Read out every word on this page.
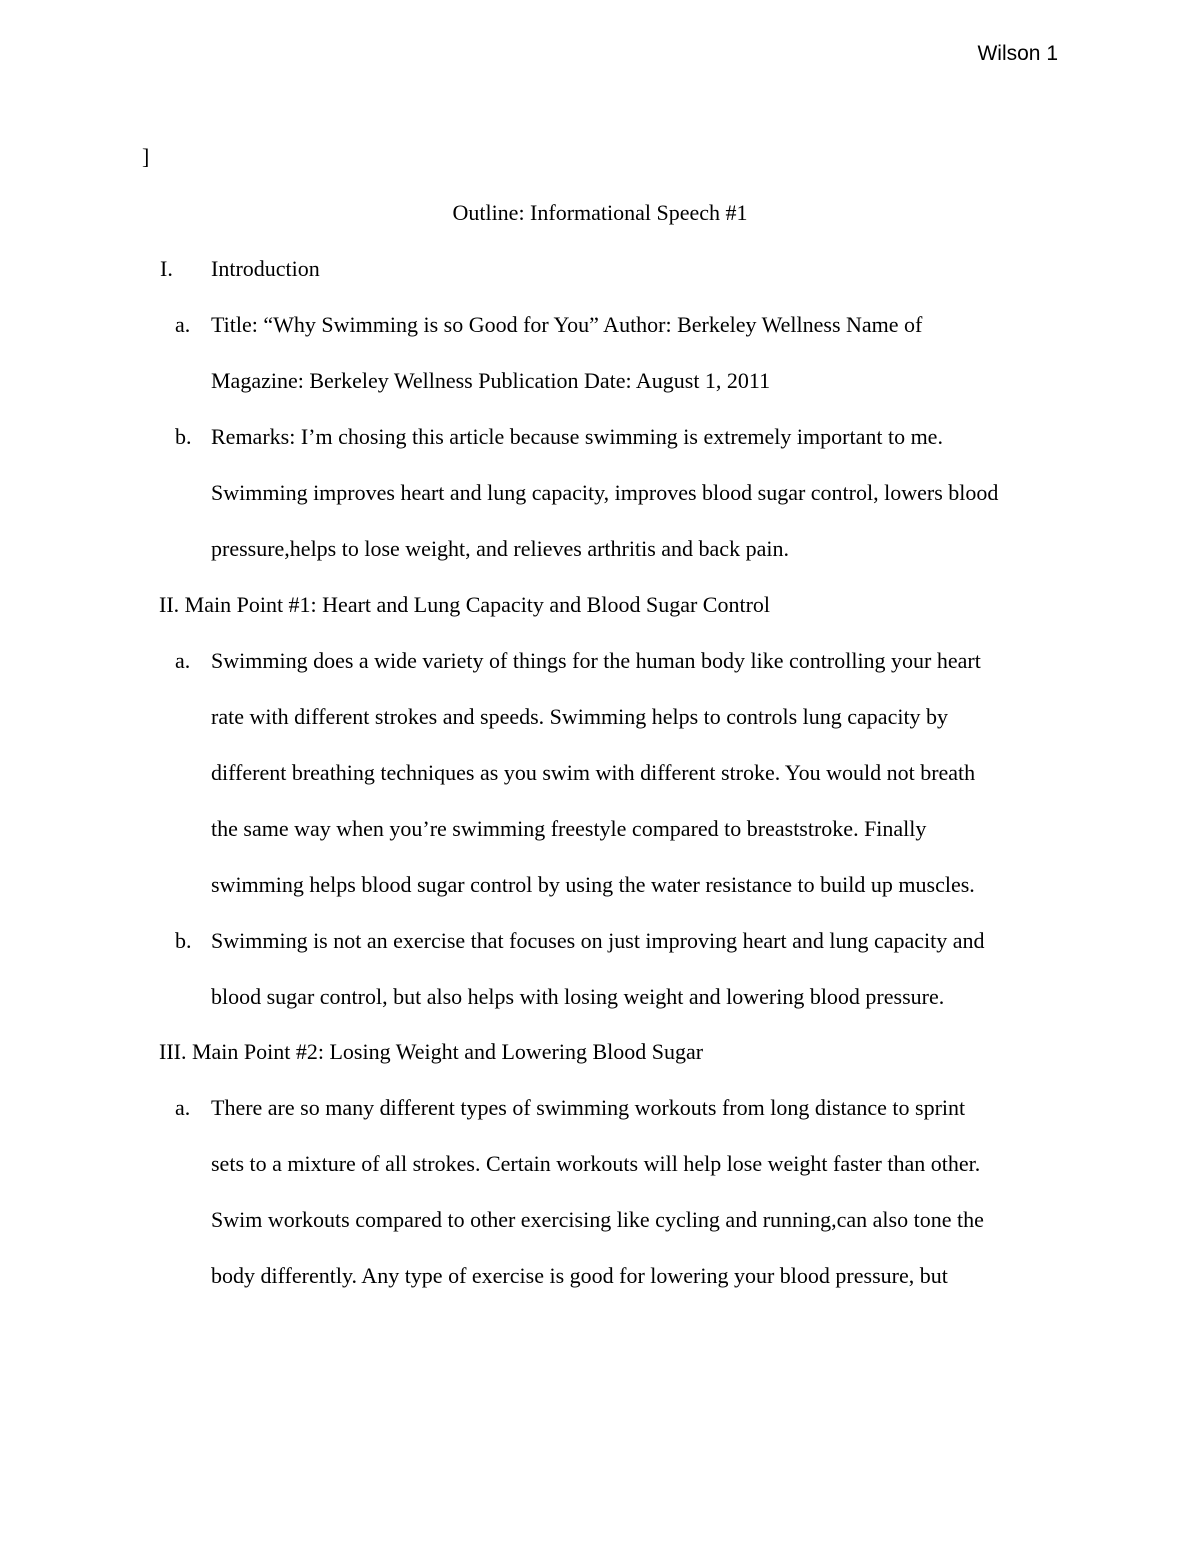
Wilson 1
]
Outline: Informational Speech #1
I. Introduction
a. Title: “Why Swimming is so Good for You” Author: Berkeley Wellness Name of
Magazine: Berkeley Wellness Publication Date: August 1, 2011
b. Remarks: I’m chosing this article because swimming is extremely important to me.
Swimming improves heart and lung capacity, improves blood sugar control, lowers blood
pressure,helps to lose weight, and relieves arthritis and back pain.
II. Main Point #1: Heart and Lung Capacity and Blood Sugar Control
a. Swimming does a wide variety of things for the human body like controlling your heart
rate with different strokes and speeds. Swimming helps to controls lung capacity by
different breathing techniques as you swim with different stroke. You would not breath
the same way when you’re swimming freestyle compared to breaststroke. Finally
swimming helps blood sugar control by using the water resistance to build up muscles.
b. Swimming is not an exercise that focuses on just improving heart and lung capacity and
blood sugar control, but also helps with losing weight and lowering blood pressure.
III. Main Point #2: Losing Weight and Lowering Blood Sugar
a. There are so many different types of swimming workouts from long distance to sprint
sets to a mixture of all strokes. Certain workouts will help lose weight faster than other.
Swim workouts compared to other exercising like cycling and running,can also tone the
body differently. Any type of exercise is good for lowering your blood pressure, but
